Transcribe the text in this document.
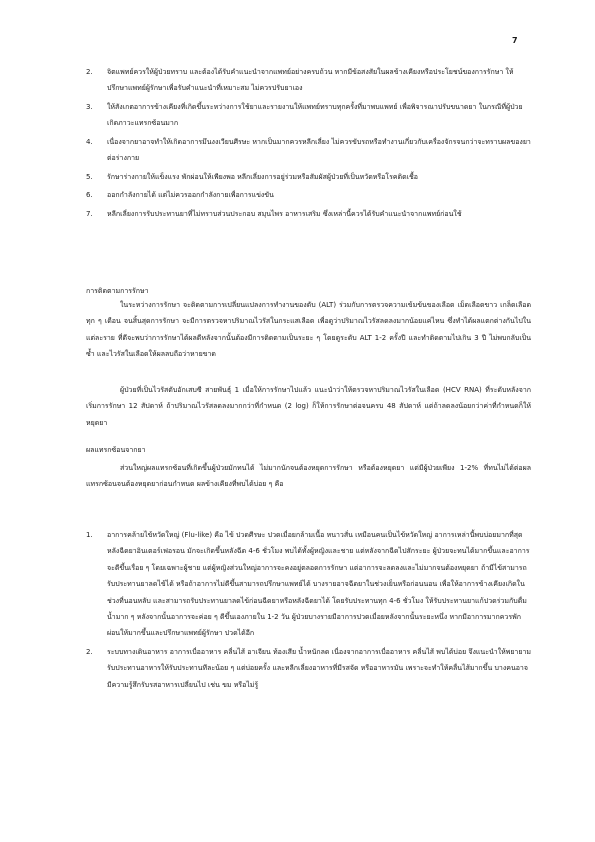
7
2. จิตแพทย์ควรให้ผู้ป่วยทราบ และต้องได้รับคำแนะนำจากแพทย์อย่างครบถ้วน หากมีข้อสงสัยในผลข้างเคียงหรือประโยชน์ของการรักษา ให้ปรึกษาแพทย์ผู้รักษาเพื่อรับคำแนะนำที่เหมาะสม ไม่ควรปรับยาเอง
3. ให้สังเกตอาการข้างเคียงที่เกิดขึ้นระหว่างการใช้ยาและรายงานให้แพทย์ทราบทุกครั้งที่มาพบแพทย์ เพื่อพิจารณาปรับขนาดยา ในกรณีที่ผู้ป่วยเกิดภาวะแทรกซ้อนมาก
4. เนื่องจากยาอาจทำให้เกิดอาการมึนงงเวียนศีรษะ หากเป็นมากควรหลีกเลี่ยง ไม่ควรขับรถหรือทำงานเกี่ยวกับเครื่องจักรจนกว่าจะทราบผลของยาต่อร่างกาย
5. รักษาร่างกายให้แข็งแรง พักผ่อนให้เพียงพอ หลีกเลี่ยงการอยู่ร่วมหรือสัมผัสผู้ป่วยที่เป็นหวัดหรือโรคติดเชื้อ
6. ออกกำลังกายได้ แต่ไม่ควรออกกำลังกายเพื่อการแข่งขัน
7. หลีกเลี่ยงการรับประทานยาที่ไม่ทราบส่วนประกอบ สมุนไพร อาหารเสริม ซึ่งเหล่านี้ควรได้รับคำแนะนำจากแพทย์ก่อนใช้
การติดตามการรักษา

ในระหว่างการรักษา จะติดตามการเปลี่ยนแปลงการทำงานของตับ (ALT) ร่วมกับการตรวจความเข้มข้นของเลือด เม็ดเลือดขาว เกล็ดเลือด ทุก ๆ เดือน จนสิ้นสุดการรักษา จะมีการตรวจหาปริมาณไวรัสในกระแสเลือด เพื่อดูว่าปริมาณไวรัสลดลงมากน้อยแค่ไหน ซึ่งทำได้ผลแตกต่างกันไปในแต่ละราย ที่ดีจะพบว่าการรักษาได้ผลดีหลังจากนั้นต้องมีการติดตามเป็นระยะ ๆ โดยดูระดับ ALT 1-2 ครั้งปี และทำติดตามไปเกิน 3 ปี ไม่พบกลับเป็นซ้ำ และไวรัสในเลือดให้ผลลบถือว่าหายขาด

ผู้ป่วยที่เป็นไวรัสตับอักเสบซี สายพันธุ์ 1 เมื่อให้การรักษาไปแล้ว แนะนำว่าให้ตรวจหาปริมาณไวรัสในเลือด (HCV RNA) ที่ระดับหลังจากเริ่มการรักษา 12 สัปดาห์ ถ้าปริมาณไวรัสลดลงมากกว่าที่กำหนด (2 log) ก็ให้การรักษาต่อจนครบ 48 สัปดาห์ แต่ถ้าลดลงน้อยกว่าค่าที่กำหนดก็ให้หยุดยา

ผลแทรกซ้อนจากยา

ส่วนใหญ่ผลแทรกซ้อนที่เกิดขึ้นผู้ป่วยมักทนได้ ไม่มากนักจนต้องหยุดการรักษา หรือต้องหยุดยา แต่มีผู้ป่วยเพียง 1-2% ที่ทนไม่ได้ต่อผลแทรกซ้อนจนต้องหยุดยาก่อนกำหนด ผลข้างเคียงที่พบได้บ่อย ๆ คือ

1. อาการคล้ายไข้หวัดใหญ่ (Flu-like) คือ ไข้ ปวดศีรษะ ปวดเมื่อยกล้ามเนื้อ หนาวสั่น เหมือนคนเป็นไข้หวัดใหญ่ อาการเหล่านี้พบบ่อยมากที่สุดหลังฉีดยาอินเตอร์เฟอรอน มักจะเกิดขึ้นหลังฉีด 4-6 ชั่วโมง พบได้ทั้งผู้หญิงและชาย แต่หลังจากฉีดไปสักระยะ ผู้ป่วยจะทนได้มากขึ้นและอาการจะดีขึ้นเรื่อย ๆ โดยเฉพาะผู้ชาย แต่ผู้หญิงส่วนใหญ่อาการจะคงอยู่ตลอดการรักษา แต่อาการจะลดลงและไม่มากจนต้องหยุดยา ถ้ามีไข้สามารถรับประทานยาลดไข้ได้ หรือถ้าอาการไม่ดีขึ้นสามารถปรึกษาแพทย์ได้ บางรายอาจฉีดยาในช่วงเย็นหรือก่อนนอน เพื่อให้อาการข้างเคียงเกิดในช่วงที่นอนหลับ และสามารถรับประทานยาลดไข้ก่อนฉีดยาหรือหลังฉีดยาได้ โดยรับประทานทุก 4-6 ชั่วโมง ให้รับประทานยาแก้ปวดร่วมกับดื่มน้ำมาก ๆ หลังจากนั้นอาการจะค่อย ๆ ดีขึ้นเองภายใน 1-2 วัน ผู้ป่วยบางรายมีอาการปวดเมื่อยหลังจากนั้นระยะหนึ่ง หากมีอาการมากควรพักผ่อนให้มากขึ้นและปรึกษาแพทย์ผู้รักษา ปวดได้อีก
2. ระบบทางเดินอาหาร อาการเบื่ออาหาร คลื่นไส้ อาเจียน ท้องเสีย น้ำหนักลด เนื่องจากอาการเบื่ออาหาร คลื่นไส้ พบได้บ่อย จึงแนะนำให้พยายามรับประทานอาหารให้รับประทานทีละน้อย ๆ แต่บ่อยครั้ง และหลีกเลี่ยงอาหารที่มีรสจัด หรืออาหารมัน เพราะจะทำให้คลื่นไส้มากขึ้น บางคนอาจมีความรู้สึกรับรสอาหารเปลี่ยนไป เช่น ขม หรือไม่รู้
